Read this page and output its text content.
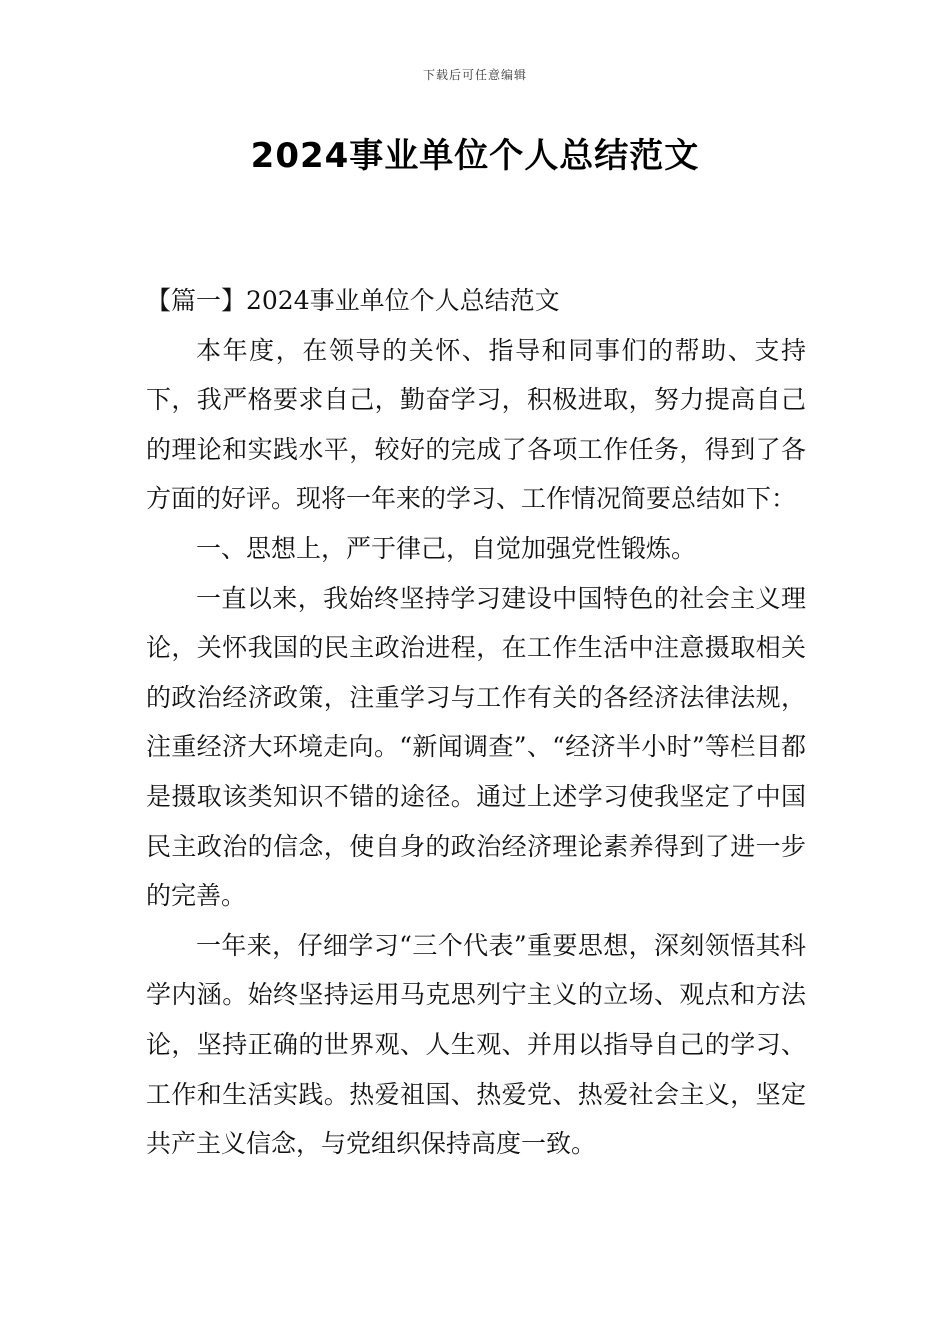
下载后可任意编辑
2024事业单位个人总结范文

【篇一】2024事业单位个人总结范文

本年度，在领导的关怀、指导和同事们的帮助、支持下，我严格要求自己，勤奋学习，积极进取，努力提高自己的理论和实践水平，较好的完成了各项工作任务，得到了各方面的好评。现将一年来的学习、工作情况简要总结如下：

一、思想上，严于律己，自觉加强党性锻炼。

一直以来，我始终坚持学习建设中国特色的社会主义理论，关怀我国的民主政治进程，在工作生活中注意摄取相关的政治经济政策，注重学习与工作有关的各经济法律法规，注重经济大环境走向。“新闻调查”、“经济半小时”等栏目都是摄取该类知识不错的途径。通过上述学习使我坚定了中国民主政治的信念，使自身的政治经济理论素养得到了进一步的完善。

一年来，仔细学习“三个代表”重要思想，深刻领悟其科学内涵。始终坚持运用马克思列宁主义的立场、观点和方法论，坚持正确的世界观、人生观、并用以指导自己的学习、工作和生活实践。热爱祖国、热爱党、热爱社会主义，坚定共产主义信念，与党组织保持高度一致。
